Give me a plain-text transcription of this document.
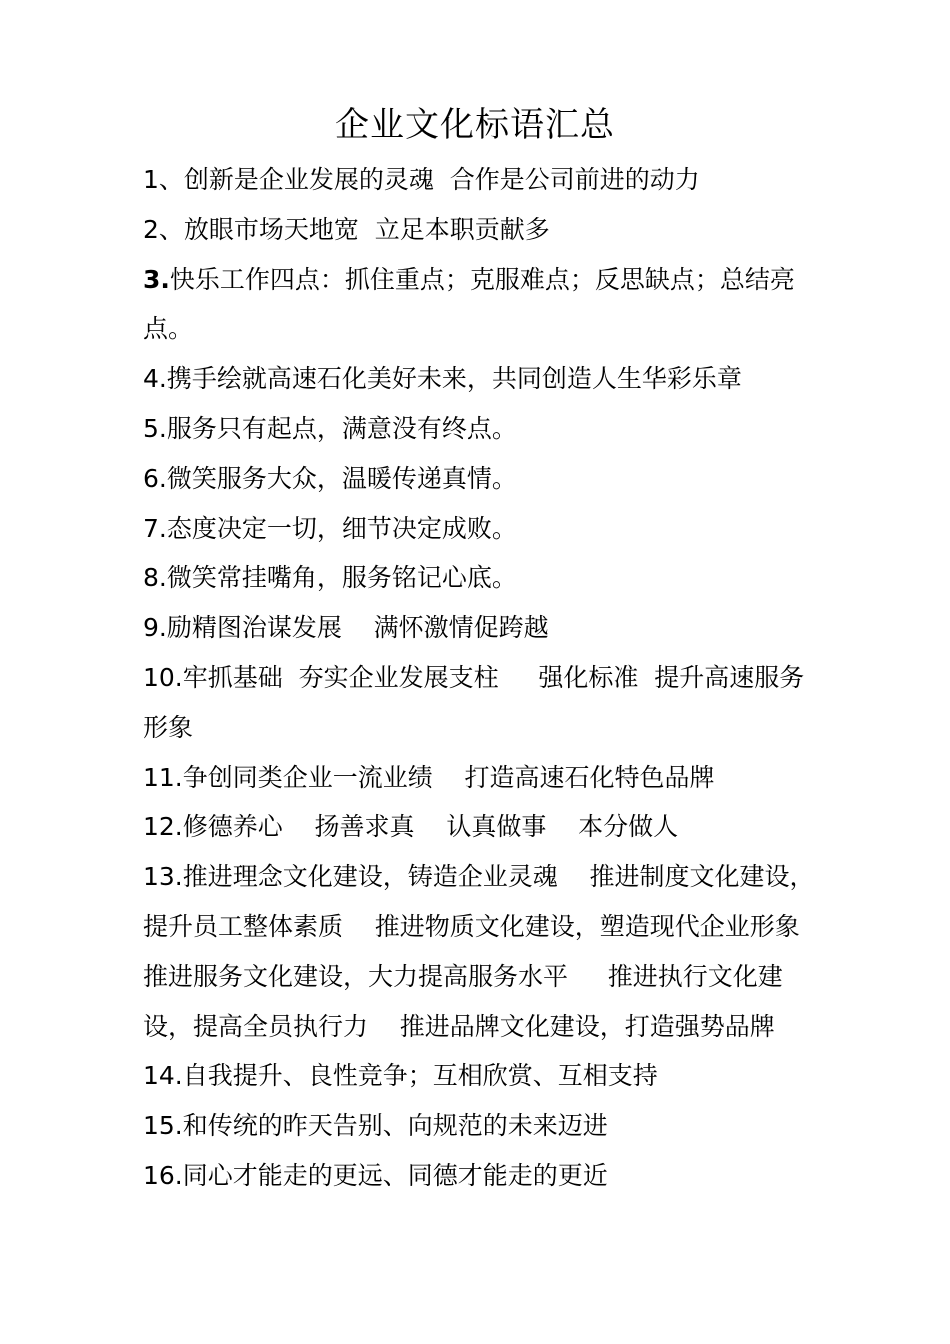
企业文化标语汇总
1、创新是企业发展的灵魂  合作是公司前进的动力
2、放眼市场天地宽  立足本职贡献多
3.快乐工作四点：抓住重点；克服难点；反思缺点；总结亮
点。
4.携手绘就高速石化美好未来，共同创造人生华彩乐章
5.服务只有起点，满意没有终点。
6.微笑服务大众，温暖传递真情。
7.态度决定一切，细节决定成败。
8.微笑常挂嘴角，服务铭记心底。
9.励精图治谋发展    满怀激情促跨越
10.牢抓基础  夯实企业发展支柱     强化标准  提升高速服务
形象
11.争创同类企业一流业绩    打造高速石化特色品牌
12.修德养心    扬善求真    认真做事    本分做人
13.推进理念文化建设，铸造企业灵魂    推进制度文化建设，
提升员工整体素质    推进物质文化建设，塑造现代企业形象
推进服务文化建设，大力提高服务水平     推进执行文化建
设，提高全员执行力    推进品牌文化建设，打造强势品牌
14.自我提升、良性竞争；互相欣赏、互相支持
15.和传统的昨天告别、向规范的未来迈进
16.同心才能走的更远、同德才能走的更近
